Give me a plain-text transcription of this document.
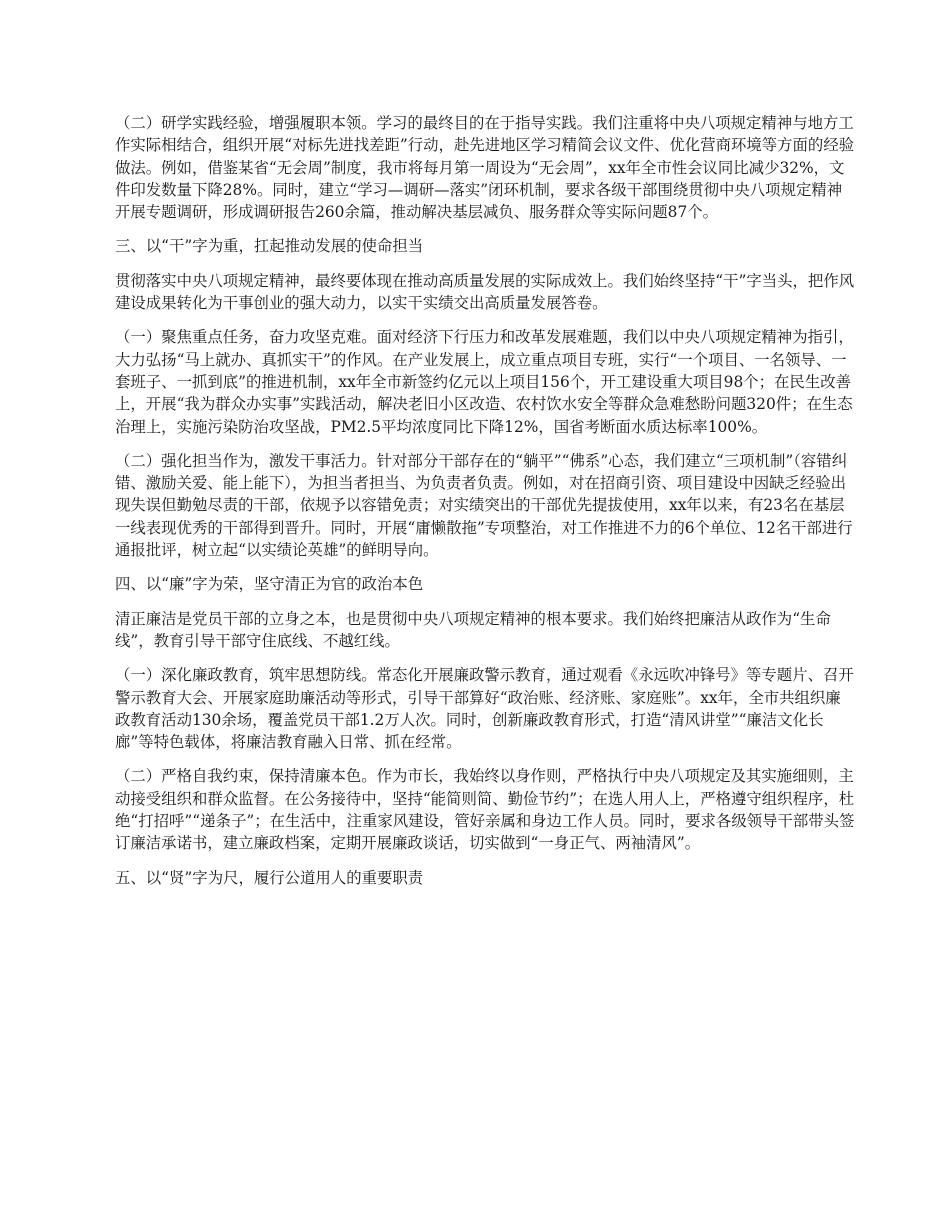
（二）研学实践经验，增强履职本领。学习的最终目的在于指导实践。我们注重将中央八项规定精神与地方工作实际相结合，组织开展“对标先进找差距”行动，赴先进地区学习精简会议文件、优化营商环境等方面的经验做法。例如，借鉴某省“无会周”制度，我市将每月第一周设为“无会周”，xx年全市性会议同比减少32%，文件印发数量下降28%。同时，建立“学习—调研—落实”闭环机制，要求各级干部围绕贯彻中央八项规定精神开展专题调研，形成调研报告260余篇，推动解决基层减负、服务群众等实际问题87个。

三、以“干”字为重，扛起推动发展的使命担当

贯彻落实中央八项规定精神，最终要体现在推动高质量发展的实际成效上。我们始终坚持“干”字当头，把作风建设成果转化为干事创业的强大动力，以实干实绩交出高质量发展答卷。

（一）聚焦重点任务，奋力攻坚克难。面对经济下行压力和改革发展难题，我们以中央八项规定精神为指引，大力弘扬“马上就办、真抓实干”的作风。在产业发展上，成立重点项目专班，实行“一个项目、一名领导、一套班子、一抓到底”的推进机制，xx年全市新签约亿元以上项目156个，开工建设重大项目98个；在民生改善上，开展“我为群众办实事”实践活动，解决老旧小区改造、农村饮水安全等群众急难愁盼问题320件；在生态治理上，实施污染防治攻坚战，PM2.5平均浓度同比下降12%，国省考断面水质达标率100%。

（二）强化担当作为，激发干事活力。针对部分干部存在的“躺平”“佛系”心态，我们建立“三项机制”（容错纠错、激励关爱、能上能下），为担当者担当、为负责者负责。例如，对在招商引资、项目建设中因缺乏经验出现失误但勤勉尽责的干部，依规予以容错免责；对实绩突出的干部优先提拔使用，xx年以来，有23名在基层一线表现优秀的干部得到晋升。同时，开展“庸懒散拖”专项整治，对工作推进不力的6个单位、12名干部进行通报批评，树立起“以实绩论英雄”的鲜明导向。

四、以“廉”字为荣，坚守清正为官的政治本色

清正廉洁是党员干部的立身之本，也是贯彻中央八项规定精神的根本要求。我们始终把廉洁从政作为“生命线”，教育引导干部守住底线、不越红线。

（一）深化廉政教育，筑牢思想防线。常态化开展廉政警示教育，通过观看《永远吹冲锋号》等专题片、召开警示教育大会、开展家庭助廉活动等形式，引导干部算好“政治账、经济账、家庭账”。xx年，全市共组织廉政教育活动130余场，覆盖党员干部1.2万人次。同时，创新廉政教育形式，打造“清风讲堂”“廉洁文化长廊”等特色载体，将廉洁教育融入日常、抓在经常。

（二）严格自我约束，保持清廉本色。作为市长，我始终以身作则，严格执行中央八项规定及其实施细则，主动接受组织和群众监督。在公务接待中，坚持“能简则简、勤俭节约”；在选人用人上，严格遵守组织程序，杜绝“打招呼”“递条子”；在生活中，注重家风建设，管好亲属和身边工作人员。同时，要求各级领导干部带头签订廉洁承诺书，建立廉政档案，定期开展廉政谈话，切实做到“一身正气、两袖清风”。

五、以“贤”字为尺，履行公道用人的重要职责
